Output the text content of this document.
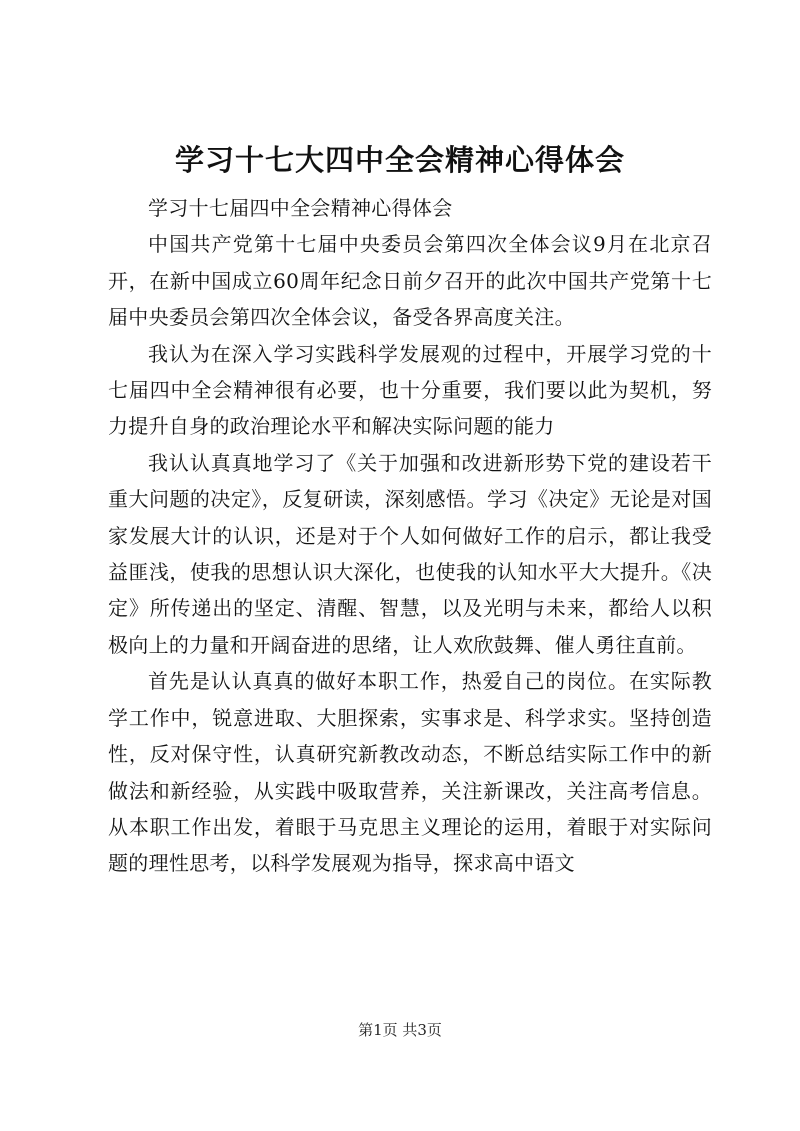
学习十七大四中全会精神心得体会

学习十七届四中全会精神心得体会

中国共产党第十七届中央委员会第四次全体会议9月在北京召开，在新中国成立60周年纪念日前夕召开的此次中国共产党第十七届中央委员会第四次全体会议，备受各界高度关注。

我认为在深入学习实践科学发展观的过程中，开展学习党的十七届四中全会精神很有必要，也十分重要，我们要以此为契机，努力提升自身的政治理论水平和解决实际问题的能力

我认认真真地学习了《关于加强和改进新形势下党的建设若干重大问题的决定》，反复研读，深刻感悟。学习《决定》无论是对国家发展大计的认识，还是对于个人如何做好工作的启示，都让我受益匪浅，使我的思想认识大深化，也使我的认知水平大大提升。《决定》所传递出的坚定、清醒、智慧，以及光明与未来，都给人以积极向上的力量和开阔奋进的思绪，让人欢欣鼓舞、催人勇往直前。

首先是认认真真的做好本职工作，热爱自己的岗位。在实际教学工作中，锐意进取、大胆探索，实事求是、科学求实。坚持创造性，反对保守性，认真研究新教改动态，不断总结实际工作中的新做法和新经验，从实践中吸取营养，关注新课改，关注高考信息。从本职工作出发，着眼于马克思主义理论的运用，着眼于对实际问题的理性思考，以科学发展观为指导，探求高中语文

第1页 共3页
